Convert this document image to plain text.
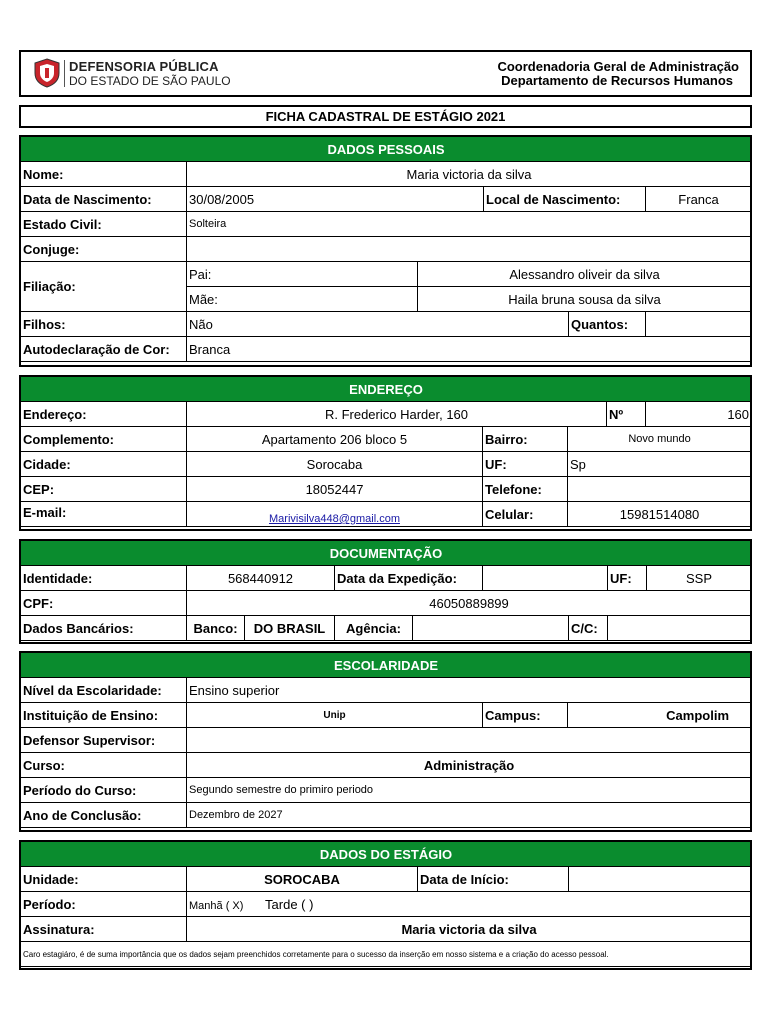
DEFENSORIA PÚBLICA
DO ESTADO DE SÃO PAULO
Coordenadoria Geral de Administração
Departamento de Recursos Humanos
FICHA CADASTRAL DE ESTÁGIO 2021
DADOS PESSOAIS					
Nome:	Maria victoria da silva				
Data de Nascimento:	30/08/2005		Local de Nascimento:		Franca
Estado Civil:	Solteira				
Conjuge:					
Filiação:	Pai:	Alessandro oliveir da silva			
	Mãe:	Haila bruna sousa da silva			
Filhos:	Não			Quantos:	
Autodeclaração de Cor:	Branca				
ENDEREÇO					
Endereço:	R. Frederico Harder, 160			Nº	160
Complemento:	Apartamento 206 bloco 5	Bairro:	Novo mundo		
Cidade:	Sorocaba	UF:	Sp		
CEP:	18052447	Telefone:			
E-mail:	Marivisilva448@gmail.com	Celular:	15981514080		
DOCUMENTAÇÃO								
Identidade:	568440912		Data da Expedição:				UF:	SSP
CPF:	46050889899							
Dados Bancários:	Banco:	DO BRASIL	Agência:			C/C:		
ESCOLARIDADE			
Nível da Escolaridade:	Ensino superior		
Instituição de Ensino:	Unip	Campus:	Campolim
Defensor Supervisor:			
Curso:	Administração		
Período do Curso:	Segundo semestre do primiro periodo		
Ano de Conclusão:	Dezembro de 2027		
DADOS DO ESTÁGIO			
Unidade:	SOROCABA	Data de Início:	
Período:	Manhã ( X) Tarde ( )		
Assinatura:	Maria victoria da silva		
Caro estagiáro, é de suma importância que os dados sejam preenchidos corretamente para o sucesso da inserção em nosso sistema e a criação do acesso pessoal.			
